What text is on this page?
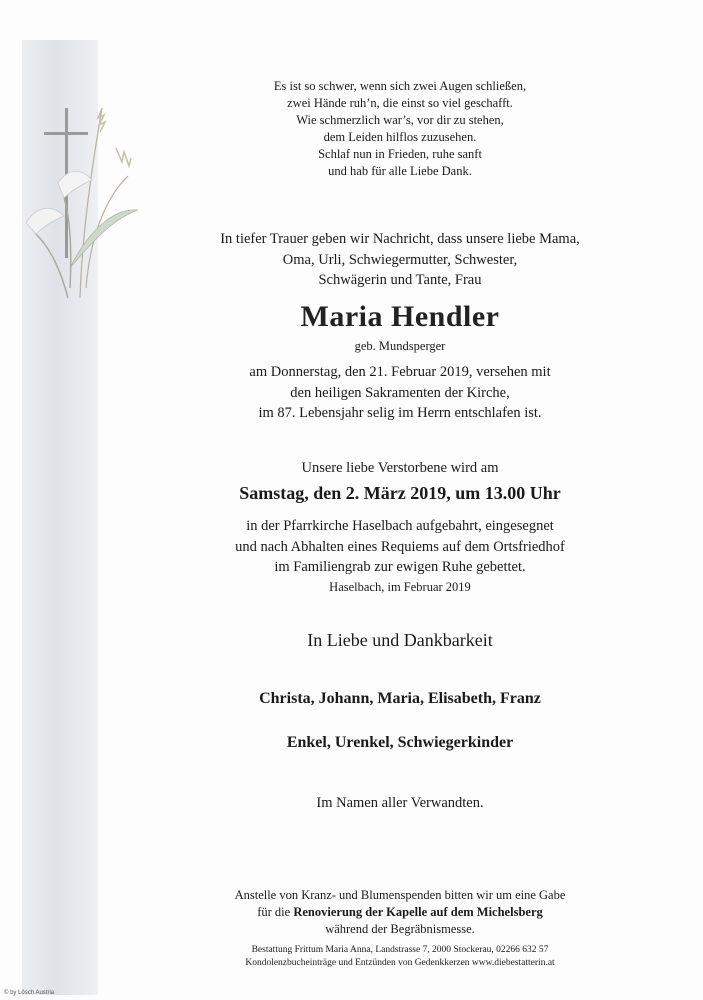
Es ist so schwer, wenn sich zwei Augen schließen,
zwei Hände ruh’n, die einst so viel geschafft.
Wie schmerzlich war’s, vor dir zu stehen,
dem Leiden hilflos zuzusehen.
Schlaf nun in Frieden, ruhe sanft
und hab für alle Liebe Dank.
In tiefer Trauer geben wir Nachricht, dass unsere liebe Mama,
Oma, Urli, Schwiegermutter, Schwester,
Schwägerin und Tante, Frau
Maria Hendler
geb. Mundsperger
am Donnerstag, den 21. Februar 2019, versehen mit
den heiligen Sakramenten der Kirche,
im 87. Lebensjahr selig im Herrn entschlafen ist.
Unsere liebe Verstorbene wird am
Samstag, den 2. März 2019, um 13.00 Uhr
in der Pfarrkirche Haselbach aufgebahrt, eingesegnet
und nach Abhalten eines Requiems auf dem Ortsfriedhof
im Familiengrab zur ewigen Ruhe gebettet.
Haselbach, im Februar 2019
In Liebe und Dankbarkeit
Christa, Johann, Maria, Elisabeth, Franz
Enkel, Urenkel, Schwiegerkinder
Im Namen aller Verwandten.
Anstelle von Kranz- und Blumenspenden bitten wir um eine Gabe
für die Renovierung der Kapelle auf dem Michelsberg
während der Begräbnismesse.
Bestattung Frittum Maria Anna, Landstrasse 7, 2000 Stockerau, 02266 632 57
Kondolenzbucheinträge und Entzünden von Gedenkkerzen www.diebestatterin.at
© by Lösch Austria
